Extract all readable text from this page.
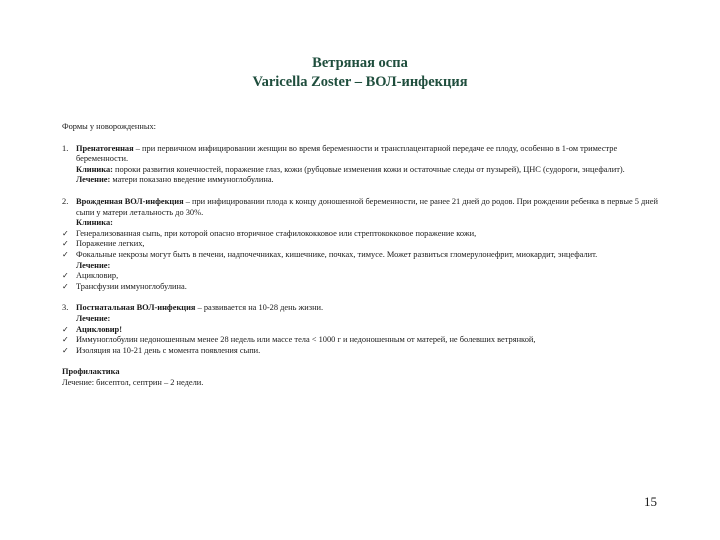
Ветряная оспа
Varicella Zoster – ВОЛ-инфекция

Формы у новорожденных:

1. Пренатогенная – при первичном инфицировании женщин во время беременности и трансплацентарной передаче ее плоду, особенно в 1-ом триместре беременности.
Клиника: пороки развития конечностей, поражение глаз, кожи (рубцовые изменения кожи и остаточные следы от пузырей), ЦНС (судороги, энцефалит).
Лечение: матери показано введение иммуноглобулина.
2. Врожденная ВОЛ-инфекция – при инфицировании плода к концу доношенной беременности, не ранее 21 дней до родов. При рождении ребенка в первые 5 дней сыпи у матери летальность до 30%.
Клиника:
✓ Генерализованная сыпь, при которой опасно вторичное стафилококковое или стрептококковое поражение кожи,
✓ Поражение легких,
✓ Фокальные некрозы могут быть в печени, надпочечниках, кишечнике, почках, тимусе. Может развиться гломерулонефрит, миокардит, энцефалит.
Лечение:
✓ Ацикловир,
✓ Трансфузии иммуноглобулина.
3. Постнатальная ВОЛ-инфекция – развивается на 10-28 день жизни.
Лечение:
✓ Ацикловир!
✓ Иммуноглобулин недоношенным менее 28 недель или массе тела < 1000 г и недоношенным от матерей, не болевших ветрянкой,
✓ Изоляция на 10-21 день с момента появления сыпи.

Профилактика

Лечение: бисептол, септрин – 2 недели.

15
